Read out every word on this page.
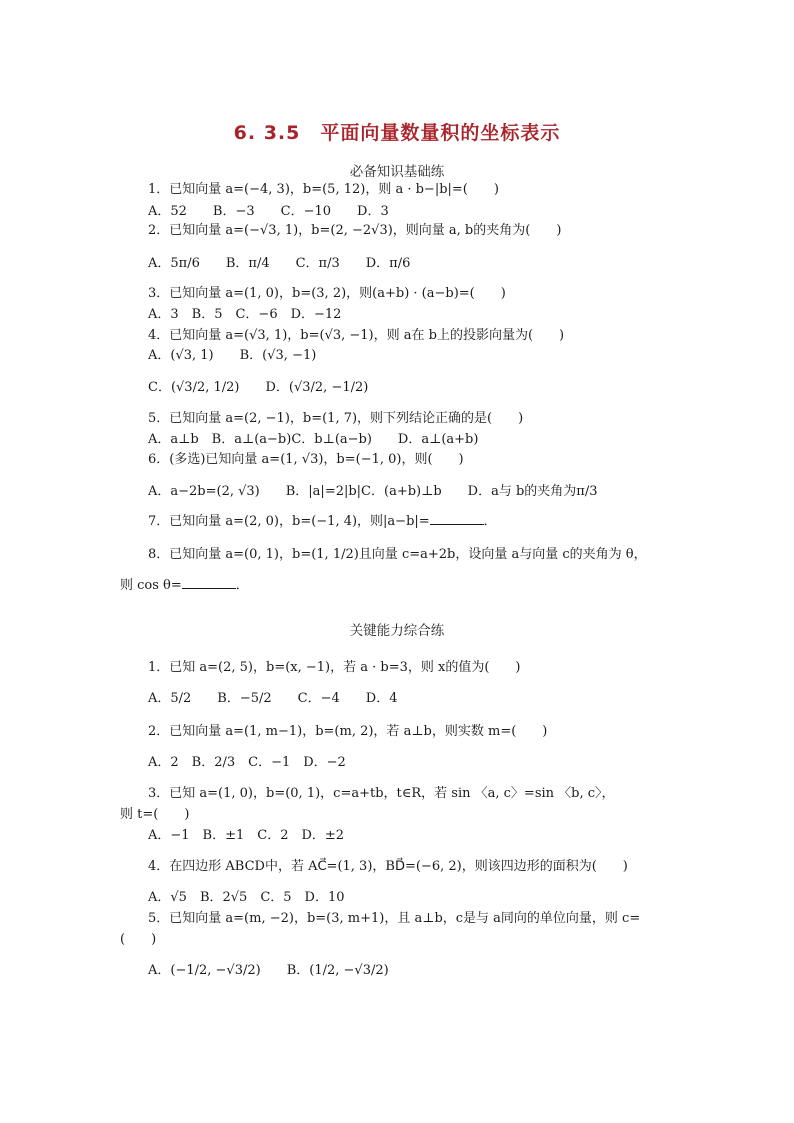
6. 3.5　平面向量数量积的坐标表示
必备知识基础练
1．已知向量 a=(−4, 3)，b=(5, 12)，则 a · b−|b|=(　　)
A．52　　B．−3　　C．−10　　D．3
2．已知向量 a=(−√3, 1)，b=(2, −2√3)，则向量 a, b的夹角为(　　)
A．5π/6　　B．π/4　　C．π/3　　D．π/6
3．已知向量 a=(1, 0)，b=(3, 2)，则(a+b) · (a−b)=(　　)
A．3　B．5　C．−6　D．−12
4．已知向量 a=(√3, 1)，b=(√3, −1)，则 a在 b上的投影向量为(　　)
A．(√3, 1)　　B．(√3, −1)
C．(√3/2, 1/2)　　D．(√3/2, −1/2)
5．已知向量 a=(2, −1)，b=(1, 7)，则下列结论正确的是(　　)
A．a⊥b　B．a⊥(a−b)C．b⊥(a−b)　　D．a⊥(a+b)
6．(多选)已知向量 a=(1, √3)，b=(−1, 0)，则(　　)
A．a−2b=(2, √3)　　B．|a|=2|b|C．(a+b)⊥b　　D．a与 b的夹角为π/3
7．已知向量 a=(2, 0)，b=(−1, 4)，则|a−b|=	．
8．已知向量 a=(0, 1)，b=(1, 1/2)且向量 c=a+2b，设向量 a与向量 c的夹角为 θ，
则 cos θ=	．
关键能力综合练
1．已知 a=(2, 5)，b=(x, −1)，若 a · b=3，则 x的值为(　　)
A．5/2　　B．−5/2　　C．−4　　D．4
2．已知向量 a=(1, m−1)，b=(m, 2)，若 a⊥b，则实数 m=(　　)
A．2　B．2/3　C．−1　D．−2
3．已知 a=(1, 0)，b=(0, 1)，c=a+tb，t∈R，若 sin 〈a, c〉=sin 〈b, c〉，
则 t=(　　)
A．−1　B．±1　C．2　D．±2
4．在四边形 ABCD中，若 AC⃗=(1, 3)，BD⃗=(−6, 2)，则该四边形的面积为(　　)
A．√5　B．2√5　C．5　D．10
5．已知向量 a=(m, −2)，b=(3, m+1)，且 a⊥b，c是与 a同向的单位向量，则 c=
(　　)
A．(−1/2, −√3/2)　　B．(1/2, −√3/2)
